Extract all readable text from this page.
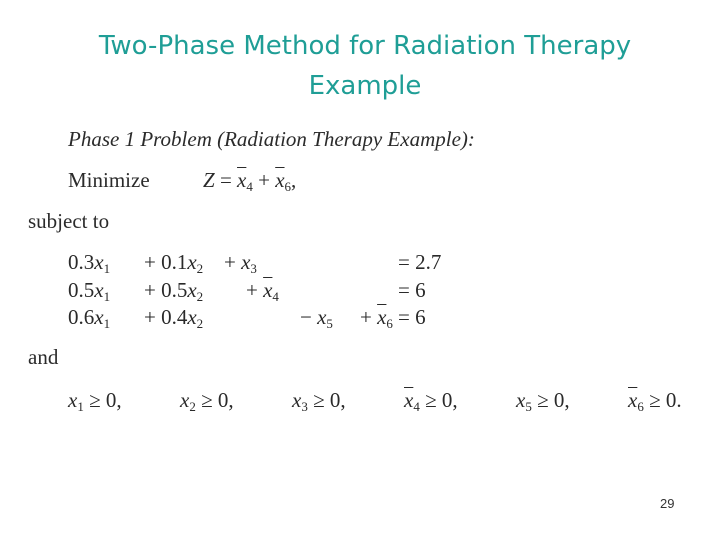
Two-Phase Method for Radiation Therapy
Example
Phase 1 Problem (Radiation Therapy Example):
Minimize	$Z = \overline{x}_4 + \overline{x}_6$,
subject to
$0.3x_1 + 0.1x_2 + x_3$	= 2.7
$0.5x_1 + 0.5x_2 + \overline{x}_4$	= 6
$0.6x_1 + 0.4x_2$	− $x_5 + \overline{x}_6 = 6$
and
$x_1 \ge 0$,	$x_2 \ge 0$,	$x_3 \ge 0$,	$\overline{x}_4 \ge 0$,	$x_5 \ge 0$,	$\overline{x}_6 \ge 0$.
29
